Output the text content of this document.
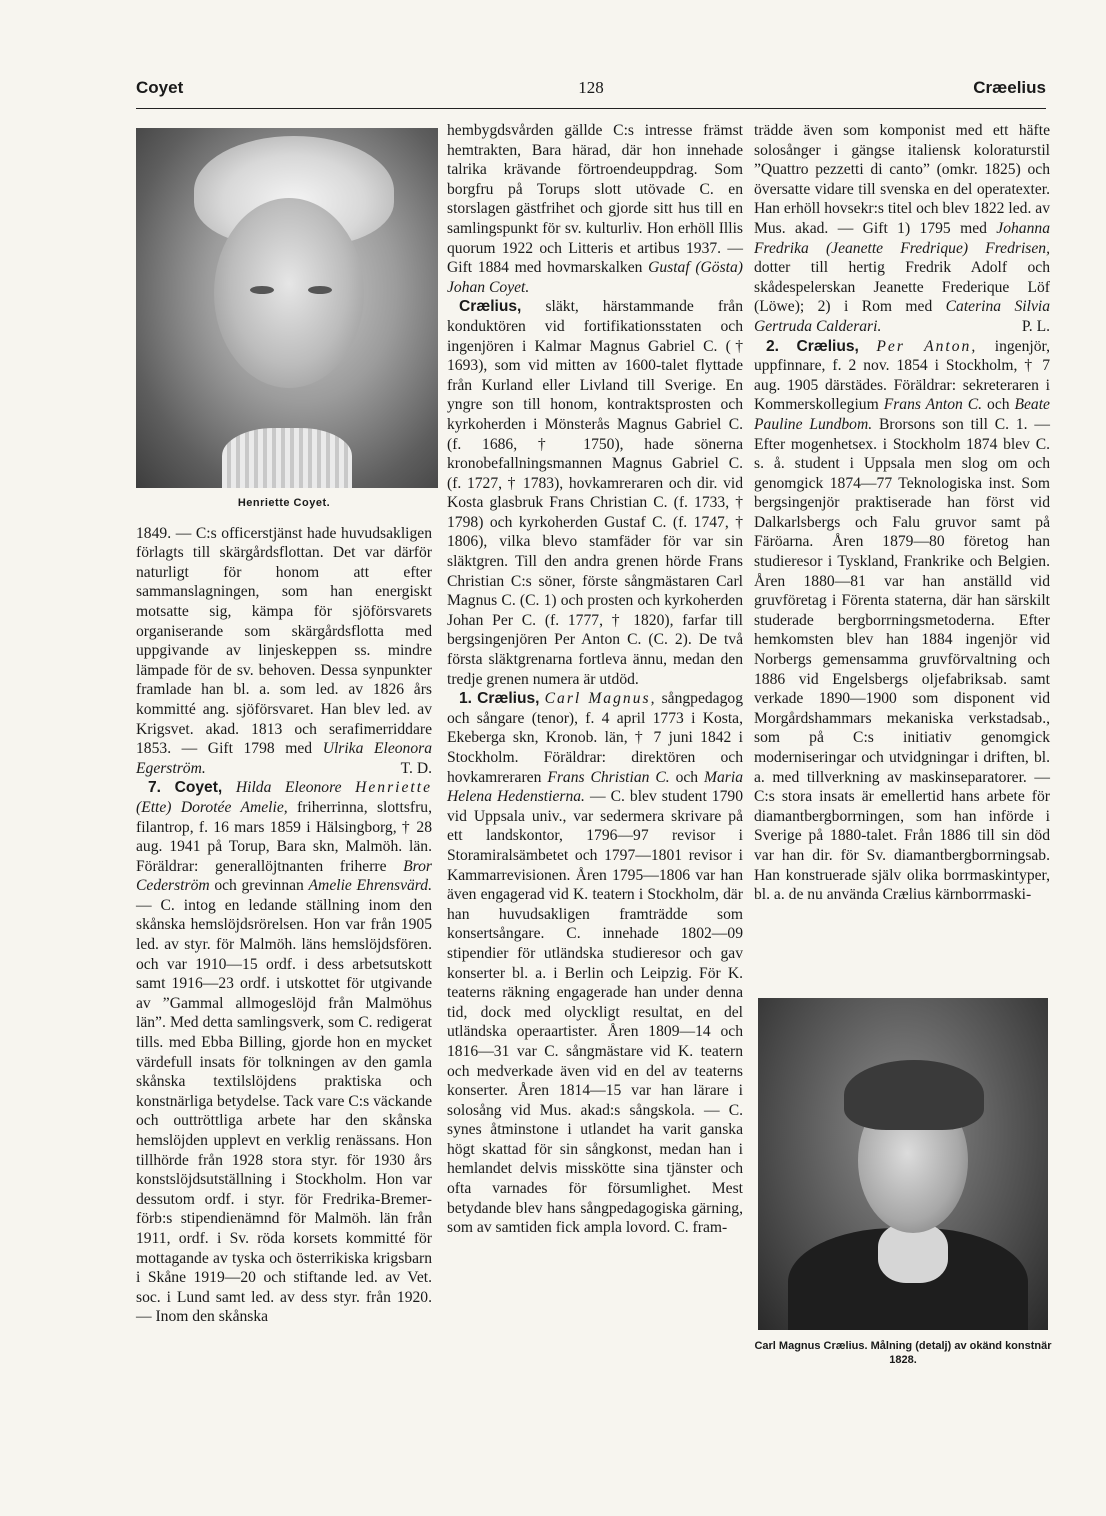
Coyet	128	Cræelius
Henriette Coyet.

1849. — C:s officerstjänst hade huvudsakligen förlagts till skärgårdsflottan. Det var därför naturligt för honom att efter sammanslagningen, som han energiskt motsatte sig, kämpa för sjöförsvarets organiserande som skärgårdsflotta med uppgivande av linjeskeppen ss. mindre lämpade för de sv. behoven. Dessa synpunkter framlade han bl. a. som led. av 1826 års kommitté ang. sjöförsvaret. Han blev led. av Krigsvet. akad. 1813 och serafimerriddare 1853. — Gift 1798 med Ulrika Eleonora Egerström.	T. D.

7. Coyet, Hilda Eleonore Henriette (Ette) Dorotée Amelie, friherrinna, slottsfru, filantrop, f. 16 mars 1859 i Hälsingborg, † 28 aug. 1941 på Torup, Bara skn, Malmöh. län. Föräldrar: generallöjtnanten friherre Bror Cederström och grevinnan Amelie Ehrensvärd. — C. intog en ledande ställning inom den skånska hemslöjdsrörelsen. Hon var från 1905 led. av styr. för Malmöh. läns hemslöjdsfören. och var 1910—15 ordf. i dess arbetsutskott samt 1916—23 ordf. i utskottet för utgivande av ”Gammal allmogeslöjd från Malmöhus län”. Med detta samlingsverk, som C. redigerat tills. med Ebba Billing, gjorde hon en mycket värdefull insats för tolkningen av den gamla skånska textilslöjdens praktiska och konstnärliga betydelse. Tack vare C:s väckande och outtröttliga arbete har den skånska hemslöjden upplevt en verklig renässans. Hon tillhörde från 1928 stora styr. för 1930 års konstslöjdsutställning i Stockholm. Hon var dessutom ordf. i styr. för Fredrika-Bremer-förb:s stipendienämnd för Malmöh. län från 1911, ordf. i Sv. röda korsets kommitté för mottagande av tyska och österrikiska krigsbarn i Skåne 1919—20 och stiftande led. av Vet. soc. i Lund samt led. av dess styr. från 1920. — Inom den skånska

hembygdsvården gällde C:s intresse främst hemtrakten, Bara härad, där hon innehade talrika krävande förtroendeuppdrag. Som borgfru på Torups slott utövade C. en storslagen gästfrihet och gjorde sitt hus till en samlingspunkt för sv. kulturliv. Hon erhöll Illis quorum 1922 och Litteris et artibus 1937. — Gift 1884 med hovmarskalken Gustaf (Gösta) Johan Coyet.

Crælius, släkt, härstammande från konduktören vid fortifikationsstaten och ingenjören i Kalmar Magnus Gabriel C. († 1693), som vid mitten av 1600-talet flyttade från Kurland eller Livland till Sverige. En yngre son till honom, kontraktsprosten och kyrkoherden i Mönsterås Magnus Gabriel C. (f. 1686, † 1750), hade sönerna kronobefallningsmannen Magnus Gabriel C. (f. 1727, † 1783), hovkamreraren och dir. vid Kosta glasbruk Frans Christian C. (f. 1733, † 1798) och kyrkoherden Gustaf C. (f. 1747, † 1806), vilka blevo stamfäder för var sin släktgren. Till den andra grenen hörde Frans Christian C:s söner, förste sångmästaren Carl Magnus C. (C. 1) och prosten och kyrkoherden Johan Per C. (f. 1777, † 1820), farfar till bergsingenjören Per Anton C. (C. 2). De två första släktgrenarna fortleva ännu, medan den tredje grenen numera är utdöd.

1. Crælius, Carl Magnus, sångpedagog och sångare (tenor), f. 4 april 1773 i Kosta, Ekeberga skn, Kronob. län, † 7 juni 1842 i Stockholm. Föräldrar: direktören och hovkamreraren Frans Christian C. och Maria Helena Hedenstierna. — C. blev student 1790 vid Uppsala univ., var sedermera skrivare på ett landskontor, 1796—97 revisor i Storamiralsämbetet och 1797—1801 revisor i Kammarrevisionen. Åren 1795—1806 var han även engagerad vid K. teatern i Stockholm, där han huvudsakligen framträdde som konsertsångare. C. innehade 1802—09 stipendier för utländska studieresor och gav konserter bl. a. i Berlin och Leipzig. För K. teaterns räkning engagerade han under denna tid, dock med olyckligt resultat, en del utländska operaartister. Åren 1809—14 och 1816—31 var C. sångmästare vid K. teatern och medverkade även vid en del av teaterns konserter. Åren 1814—15 var han lärare i solosång vid Mus. akad:s sångskola. — C. synes åtminstone i utlandet ha varit ganska högt skattad för sin sångkonst, medan han i hemlandet delvis misskötte sina tjänster och ofta varnades för försumlighet. Mest betydande blev hans sångpedagogiska gärning, som av samtiden fick ampla lovord. C. fram-

trädde även som komponist med ett häfte solosånger i gängse italiensk koloraturstil ”Quattro pezzetti di canto” (omkr. 1825) och översatte vidare till svenska en del operatexter. Han erhöll hovsekr:s titel och blev 1822 led. av Mus. akad. — Gift 1) 1795 med Johanna Fredrika (Jeanette Fredrique) Fredrisen, dotter till hertig Fredrik Adolf och skådespelerskan Jeanette Frederique Löf (Löwe); 2) i Rom med Caterina Silvia Gertruda Calderari.	P. L.

2. Crælius, Per Anton, ingenjör, uppfinnare, f. 2 nov. 1854 i Stockholm, † 7 aug. 1905 därstädes. Föräldrar: sekreteraren i Kommerskollegium Frans Anton C. och Beate Pauline Lundbom. Brorsons son till C. 1. — Efter mogenhetsex. i Stockholm 1874 blev C. s. å. student i Uppsala men slog om och genomgick 1874—77 Teknologiska inst. Som bergsingenjör praktiserade han först vid Dalkarlsbergs och Falu gruvor samt på Färöarna. Åren 1879—80 företog han studieresor i Tyskland, Frankrike och Belgien. Åren 1880—81 var han anställd vid gruvföretag i Förenta staterna, där han särskilt studerade bergborrningsmetoderna. Efter hemkomsten blev han 1884 ingenjör vid Norbergs gemensamma gruvförvaltning och 1886 vid Engelsbergs oljefabriksab. samt verkade 1890—1900 som disponent vid Morgårdshammars mekaniska verkstadsab., som på C:s initiativ genomgick moderniseringar och utvidgningar i driften, bl. a. med tillverkning av maskinseparatorer. — C:s stora insats är emellertid hans arbete för diamantbergborrningen, som han införde i Sverige på 1880-talet. Från 1886 till sin död var han dir. för Sv. diamantbergborrningsab. Han konstruerade själv olika borrmaskintyper, bl. a. de nu använda Crælius kärnborrmaski-

Carl Magnus Crælius. Målning (detalj) av okänd konstnär 1828.
